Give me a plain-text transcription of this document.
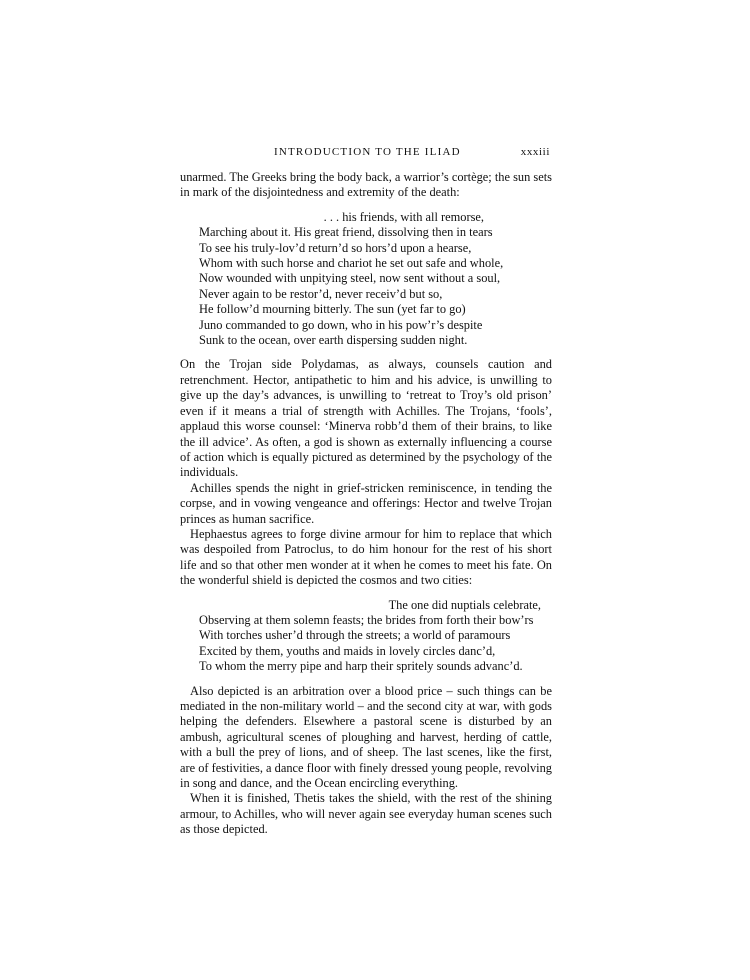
INTRODUCTION TO THE ILIAD	xxxiii

unarmed. The Greeks bring the body back, a warrior’s cortège; the sun sets in mark of the disjointedness and extremity of the death:

. . . his friends, with all remorse,
Marching about it. His great friend, dissolving then in tears
To see his truly-lov’d return’d so hors’d upon a hearse,
Whom with such horse and chariot he set out safe and whole,
Now wounded with unpitying steel, now sent without a soul,
Never again to be restor’d, never receiv’d but so,
He follow’d mourning bitterly. The sun (yet far to go)
Juno commanded to go down, who in his pow’r’s despite
Sunk to the ocean, over earth dispersing sudden night.

On the Trojan side Polydamas, as always, counsels caution and retrenchment. Hector, antipathetic to him and his advice, is unwilling to give up the day’s advances, is unwilling to ‘retreat to Troy’s old prison’ even if it means a trial of strength with Achilles. The Trojans, ‘fools’, applaud this worse counsel: ‘Minerva robb’d them of their brains, to like the ill advice’. As often, a god is shown as externally influencing a course of action which is equally pictured as determined by the psychology of the individuals.

Achilles spends the night in grief-stricken reminiscence, in tending the corpse, and in vowing vengeance and offerings: Hector and twelve Trojan princes as human sacrifice.

Hephaestus agrees to forge divine armour for him to replace that which was despoiled from Patroclus, to do him honour for the rest of his short life and so that other men wonder at it when he comes to meet his fate. On the wonderful shield is depicted the cosmos and two cities:

The one did nuptials celebrate,
Observing at them solemn feasts; the brides from forth their bow’rs
With torches usher’d through the streets; a world of paramours
Excited by them, youths and maids in lovely circles danc’d,
To whom the merry pipe and harp their spritely sounds advanc’d.

Also depicted is an arbitration over a blood price – such things can be mediated in the non-military world – and the second city at war, with gods helping the defenders. Elsewhere a pastoral scene is disturbed by an ambush, agricultural scenes of ploughing and harvest, herding of cattle, with a bull the prey of lions, and of sheep. The last scenes, like the first, are of festivities, a dance floor with finely dressed young people, revolving in song and dance, and the Ocean encircling everything.

When it is finished, Thetis takes the shield, with the rest of the shining armour, to Achilles, who will never again see everyday human scenes such as those depicted.
